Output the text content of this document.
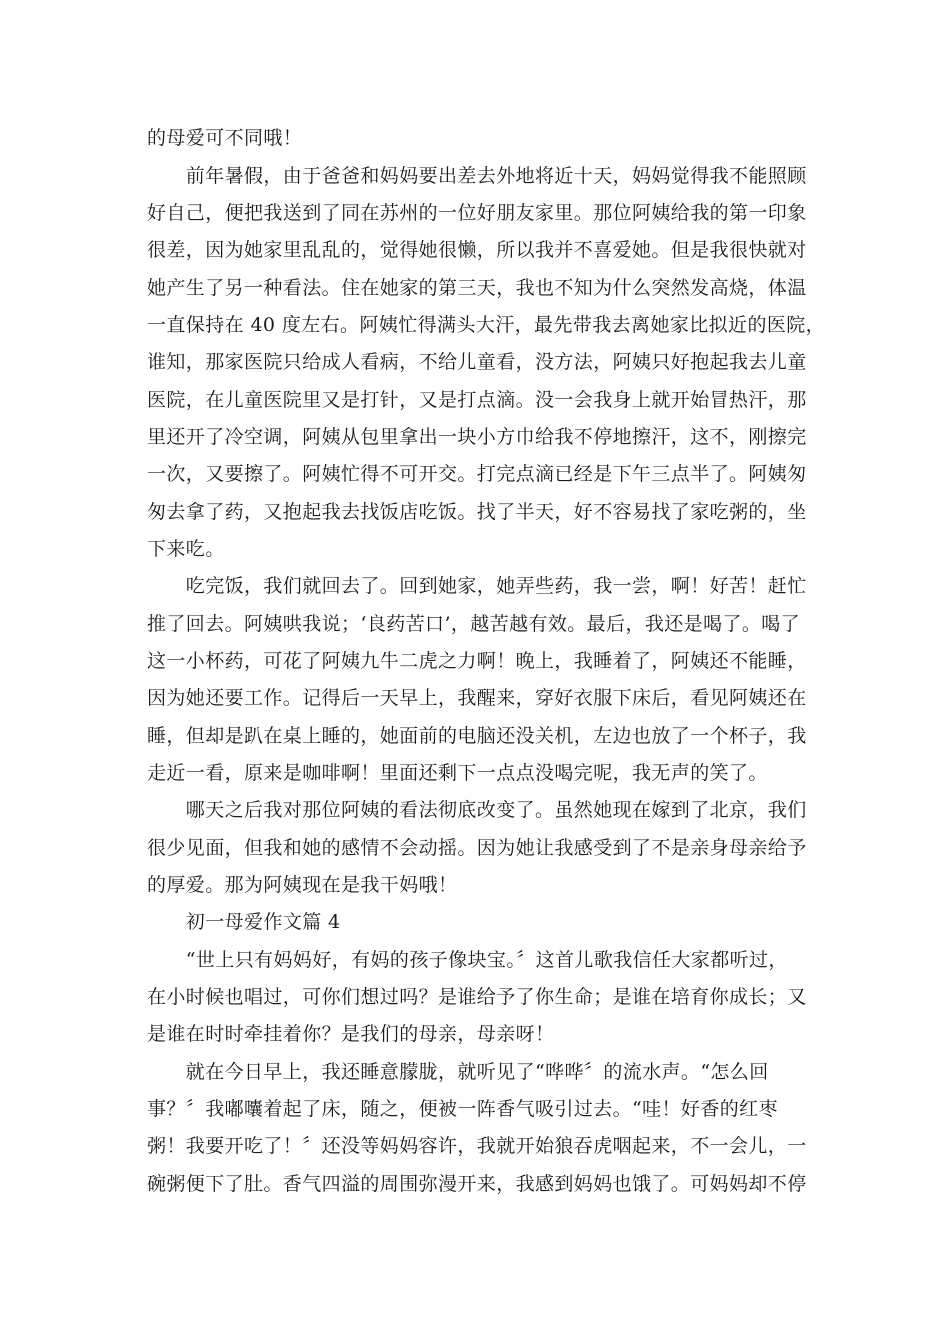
的母爱可不同哦！
　　前年暑假，由于爸爸和妈妈要出差去外地将近十天，妈妈觉得我不能照顾
好自己，便把我送到了同在苏州的一位好朋友家里。那位阿姨给我的第一印象
很差，因为她家里乱乱的，觉得她很懒，所以我并不喜爱她。但是我很快就对
她产生了另一种看法。住在她家的第三天，我也不知为什么突然发高烧，体温
一直保持在 40 度左右。阿姨忙得满头大汗，最先带我去离她家比拟近的医院，
谁知，那家医院只给成人看病，不给儿童看，没方法，阿姨只好抱起我去儿童
医院，在儿童医院里又是打针，又是打点滴。没一会我身上就开始冒热汗，那
里还开了冷空调，阿姨从包里拿出一块小方巾给我不停地擦汗，这不，刚擦完
一次，又要擦了。阿姨忙得不可开交。打完点滴已经是下午三点半了。阿姨匆
匆去拿了药，又抱起我去找饭店吃饭。找了半天，好不容易找了家吃粥的，坐
下来吃。
　　吃完饭，我们就回去了。回到她家，她弄些药，我一尝，啊！好苦！赶忙
推了回去。阿姨哄我说；‘良药苦口’，越苦越有效。最后，我还是喝了。喝了
这一小杯药，可花了阿姨九牛二虎之力啊！晚上，我睡着了，阿姨还不能睡，
因为她还要工作。记得后一天早上，我醒来，穿好衣服下床后，看见阿姨还在
睡，但却是趴在桌上睡的，她面前的电脑还没关机，左边也放了一个杯子，我
走近一看，原来是咖啡啊！里面还剩下一点点没喝完呢，我无声的笑了。
　　哪天之后我对那位阿姨的看法彻底改变了。虽然她现在嫁到了北京，我们
很少见面，但我和她的感情不会动摇。因为她让我感受到了不是亲身母亲给予
的厚爱。那为阿姨现在是我干妈哦！
　　初一母爱作文篇 4
　　“世上只有妈妈好，有妈的孩子像块宝。〞这首儿歌我信任大家都听过，
在小时候也唱过，可你们想过吗？是谁给予了你生命；是谁在培育你成长；又
是谁在时时牵挂着你？是我们的母亲，母亲呀！
　　就在今日早上，我还睡意朦胧，就听见了“哗哗〞的流水声。“怎么回
事？〞我嘟囔着起了床，随之，便被一阵香气吸引过去。“哇！好香的红枣
粥！我要开吃了！〞还没等妈妈容许，我就开始狼吞虎咽起来，不一会儿，一
碗粥便下了肚。香气四溢的周围弥漫开来，我感到妈妈也饿了。可妈妈却不停
